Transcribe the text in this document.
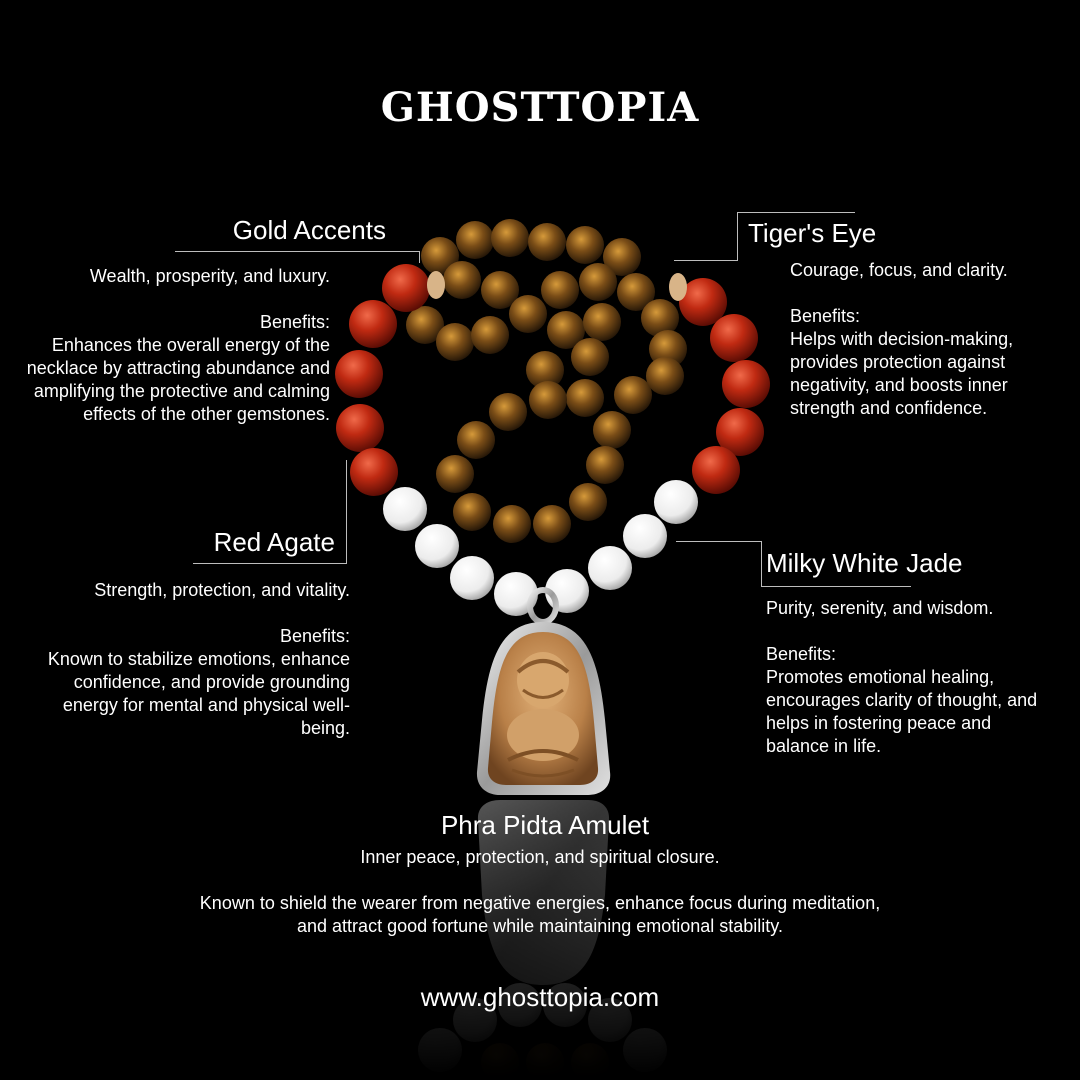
GHOSTTOPIA
Gold Accents
Wealth, prosperity, and luxury.
Benefits:
Enhances the overall energy of the necklace by attracting abundance and amplifying the protective and calming effects of the other gemstones.
Tiger's Eye
Courage, focus, and clarity.
Benefits:
Helps with decision-making, provides protection against negativity, and boosts inner strength and confidence.
Red Agate
Strength, protection, and vitality.
Benefits:
Known to stabilize emotions, enhance confidence, and provide grounding energy for mental and physical well-being.
Milky White Jade
Purity, serenity, and wisdom.
Benefits:
Promotes emotional healing, encourages clarity of thought, and helps in fostering peace and balance in life.
Phra Pidta Amulet
Inner peace, protection, and spiritual closure.
Known to shield the wearer from negative energies, enhance focus during meditation,
and attract good fortune while maintaining emotional stability.
www.ghosttopia.com
